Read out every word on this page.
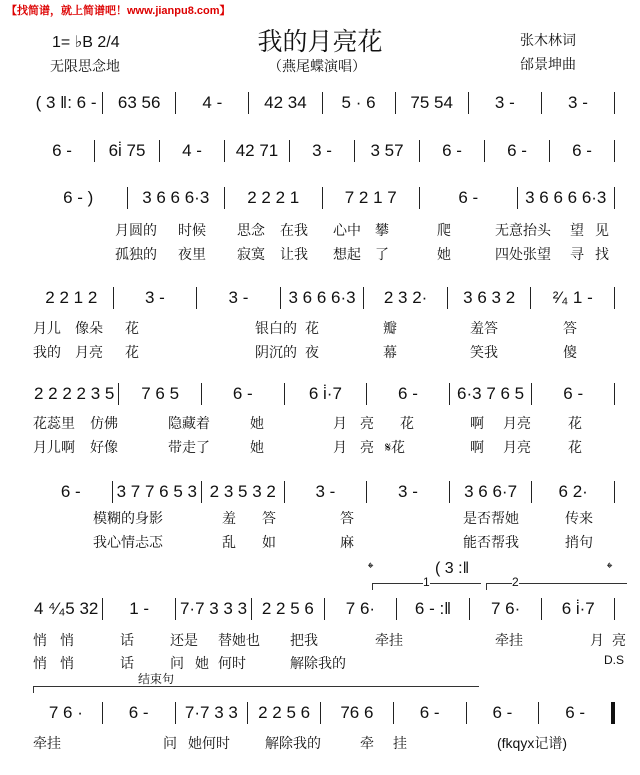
【找简谱，就上简谱吧！www.jianpu8.com】
我的月亮花
1= ♭B 2/4	张木林词
邰景坤曲
无限思念地	（燕尾蝶演唱）
( 3 ‖: 6 -	63 56	4 -	42 34	5 · 6	75 54	3 -	3 -
6 -	6i̇ 75	4 -	42 71	3 -	3 57	6 -	6 -	6 -
6 - )	3 6 6 6·3	2 2 2 1	7 2 1 7	6 -	3 6 6 6 6·3
2 2 1 2	3 -	3 -	3 6 6 6·3	2 3 2·	3 6 3 2	²⁄₄ 1 -
2 2 2 2 3 5	7 6 5	6 -	6 i̇·7	6 -	6·3 7 6 5	6 -
6 -	3 7 7 6 5 3 2 3 5 3 2	3 -	3 -	3 6 6·7	6 2·
4 ⁴⁄₄5 32	1 -	7·7 3 3 3 2 2 5 6	7 6·	6 - :‖	7 6·	6 i̇·7
7 6 ·	6 -	7·7 3 3	2 2 5 6	76 6	6 -	6 -	6 -
𝄌	( 3 :‖	𝄌
1	2
D.S
结束句
(fkqyx记谱)
月圆的 时候 思念 在我 心中 攀	爬	无意抬头 望 见
孤独的 夜里 寂寞 让我 想起 了	她	四处张望 寻 找
月儿 像朵 花	银白的 花	瓣	羞答	答
我的 月亮 花	阴沉的 夜	幕	笑我	傻
花蕊里 仿佛	隐藏着	她	月 亮 花	啊 月亮	花
月儿啊 好像	带走了	她	月 亮 𝄋花	啊 月亮	花
模糊的身影	羞 答	答	是否帮她	传来
我心情忐忑	乱 如	麻	能否帮我	捎句
悄 悄	话	还是 替她也 把我	牵挂	牵挂	月 亮
悄 悄	话	问 她 何时	解除我的
牵挂	问 她何时	解除我的	牵 挂
